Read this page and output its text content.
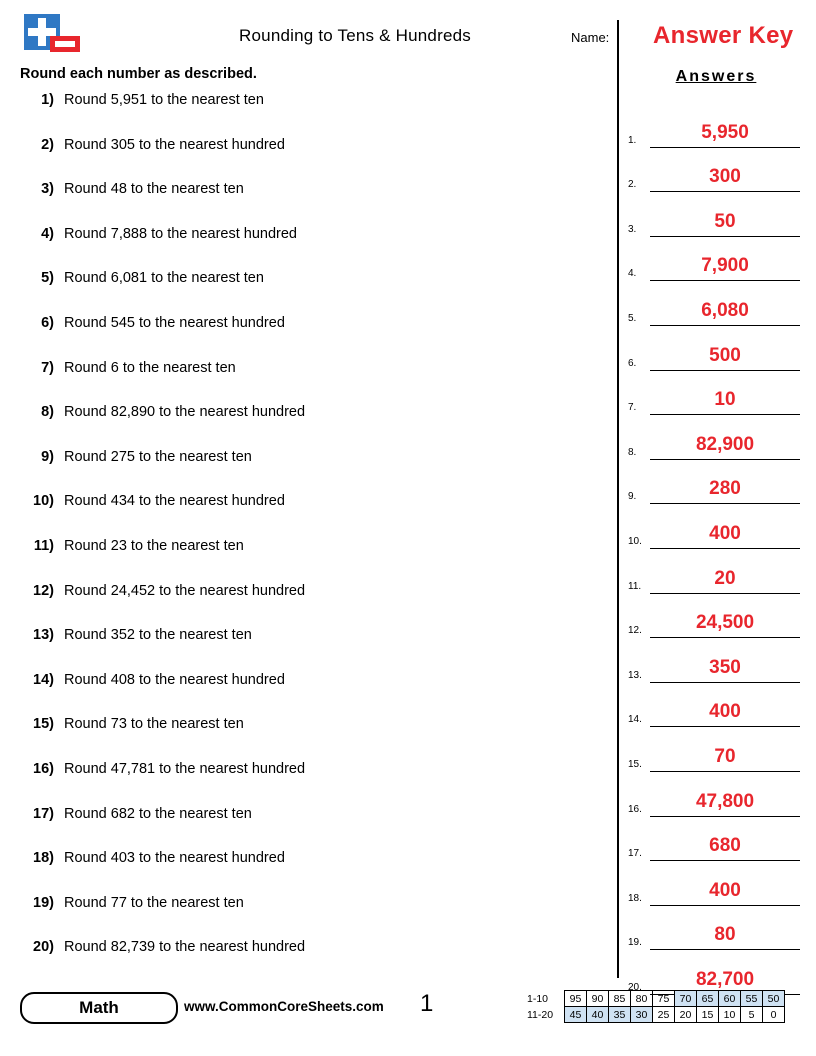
Rounding to Tens & Hundreds	Name: Answer Key
Round each number as described.
1) Round 5,951 to the nearest ten
2) Round 305 to the nearest hundred
3) Round 48 to the nearest ten
4) Round 7,888 to the nearest hundred
5) Round 6,081 to the nearest ten
6) Round 545 to the nearest hundred
7) Round 6 to the nearest ten
8) Round 82,890 to the nearest hundred
9) Round 275 to the nearest ten
10) Round 434 to the nearest hundred
11) Round 23 to the nearest ten
12) Round 24,452 to the nearest hundred
13) Round 352 to the nearest ten
14) Round 408 to the nearest hundred
15) Round 73 to the nearest ten
16) Round 47,781 to the nearest hundred
17) Round 682 to the nearest ten
18) Round 403 to the nearest hundred
19) Round 77 to the nearest ten
20) Round 82,739 to the nearest hundred
Answers
1.	5,950
2.	300
3.	50
4.	7,900
5.	6,080
6.	500
7.	10
8.	82,900
9.	280
10.	400
11.	20
12.	24,500
13.	350
14.	400
15.	70
16.	47,800
17.	680
18.	400
19.	80
20.	82,700
Math	www.CommonCoreSheets.com 1	1-10	95	90	85	80	75	70	65	60	55	50
11-20	45	40	35	30	25	20	15	10	5	0
